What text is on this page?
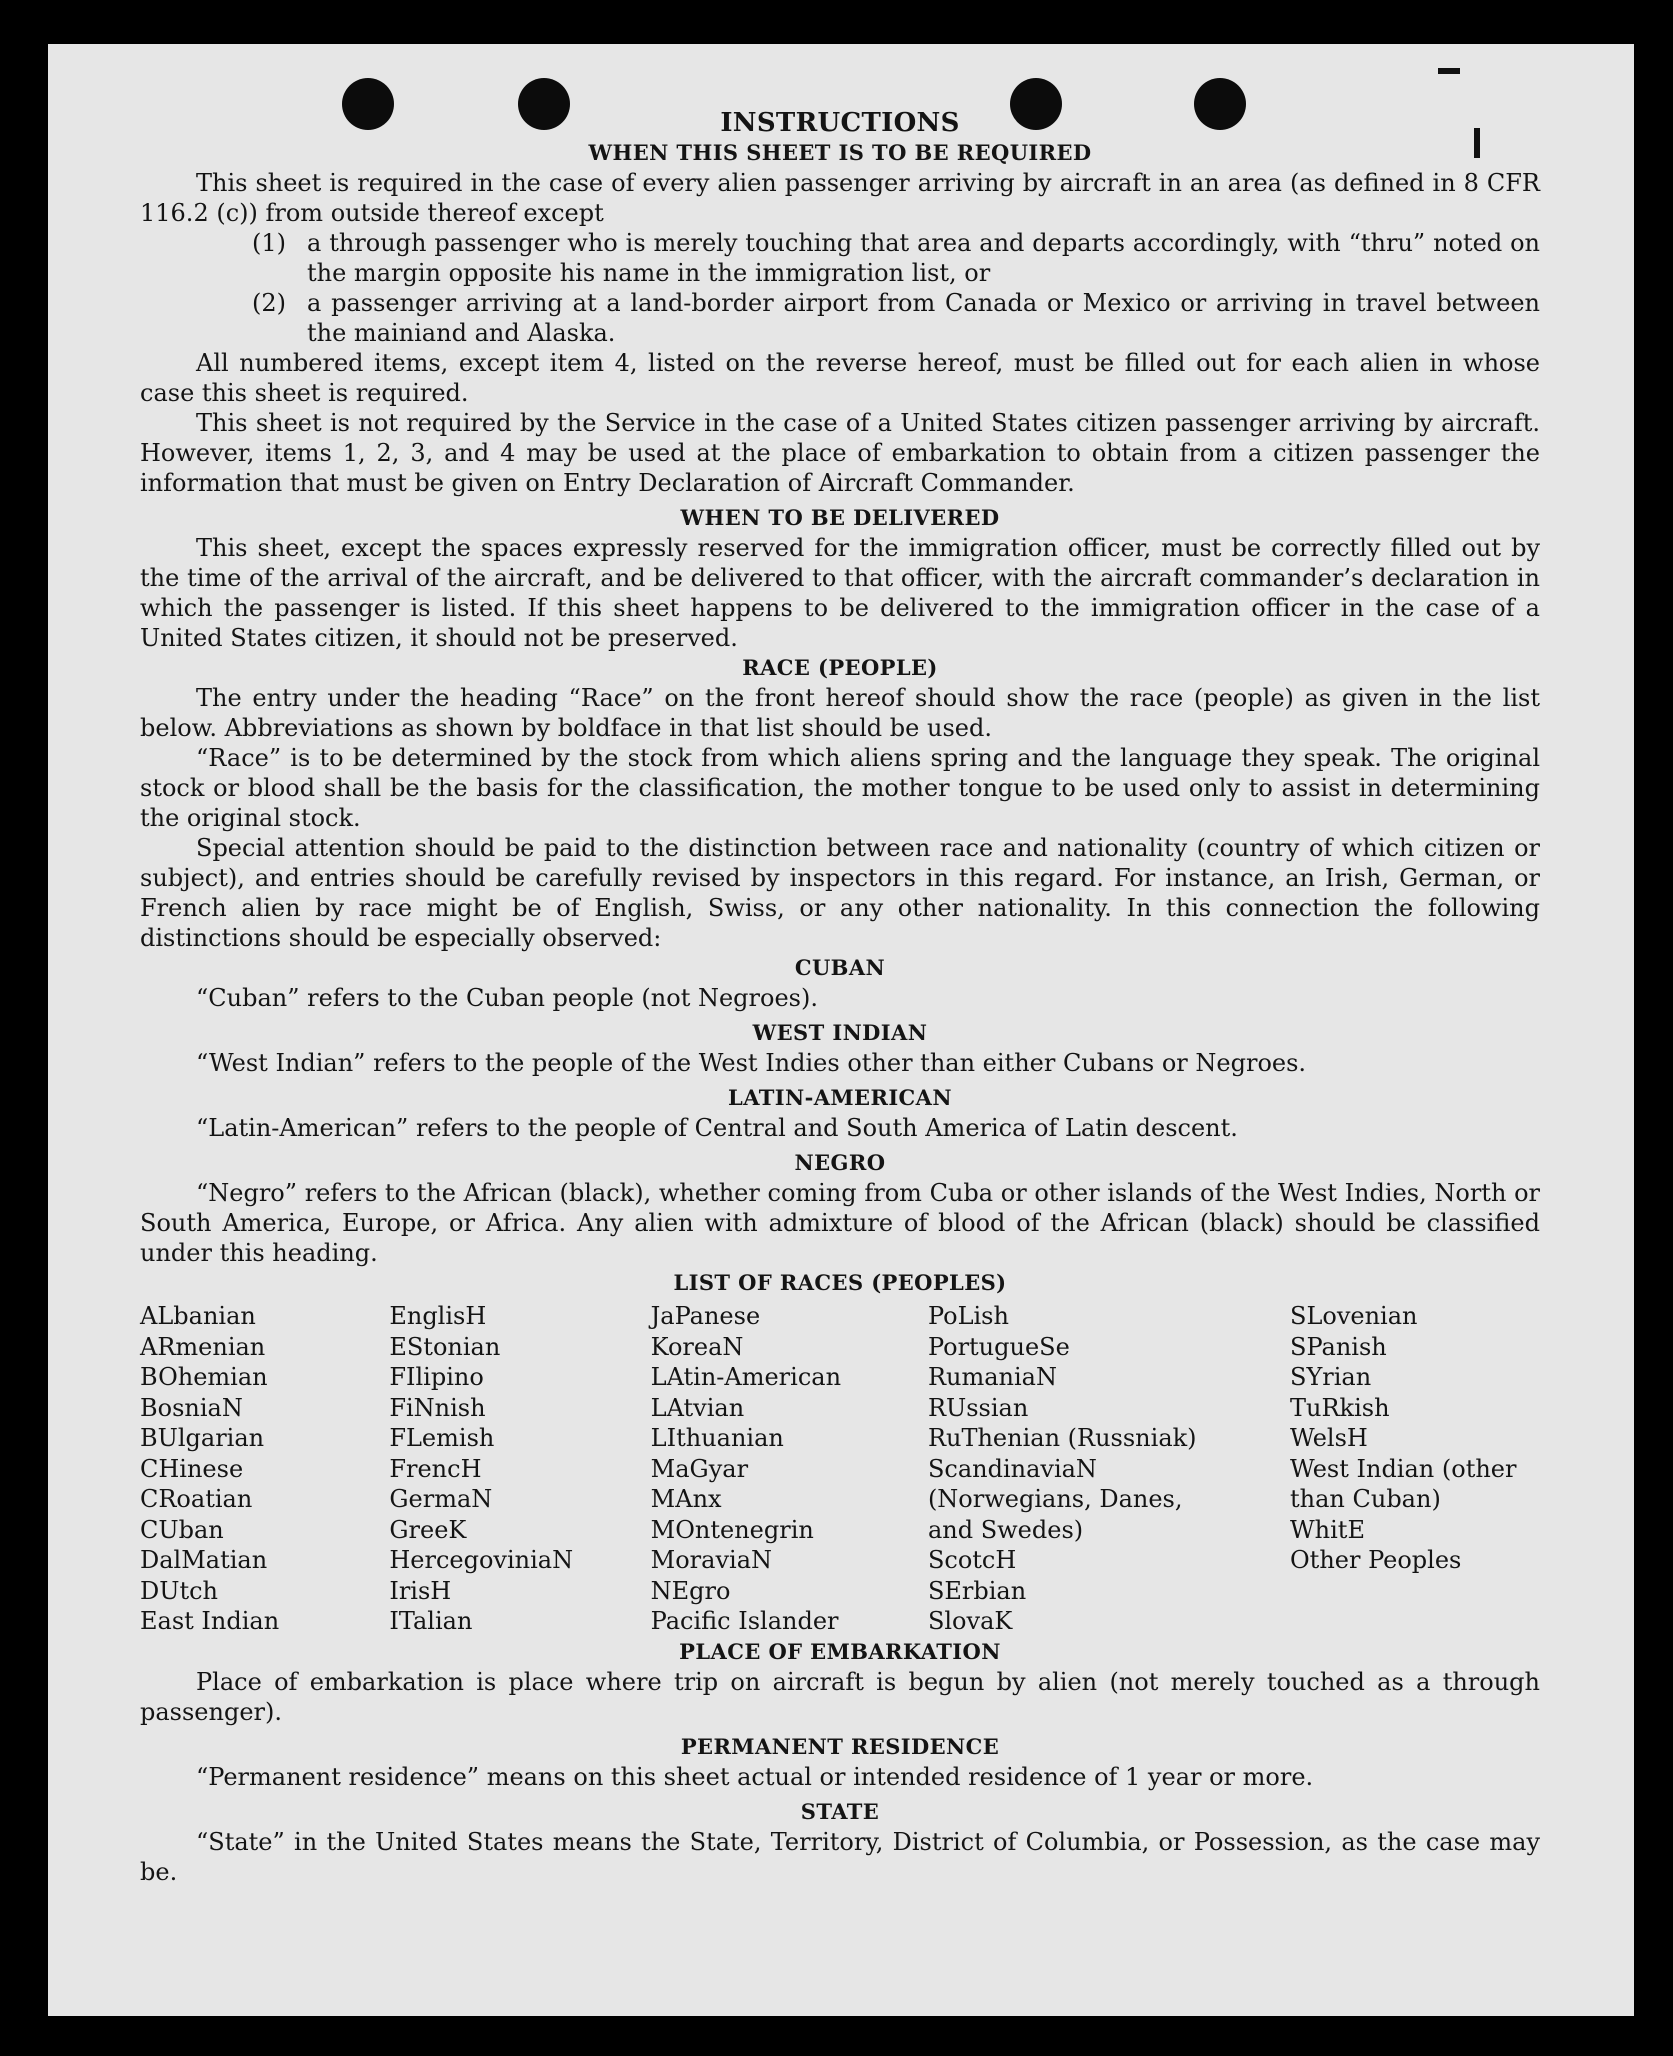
INSTRUCTIONS
WHEN THIS SHEET IS TO BE REQUIRED

This sheet is required in the case of every alien passenger arriving by aircraft in an area (as defined in 8 CFR 116.2 (c)) from outside thereof except

(1) a through passenger who is merely touching that area and departs accordingly, with “thru” noted on the margin opposite his name in the immigration list, or
(2) a passenger arriving at a land-border airport from Canada or Mexico or arriving in travel between the mainiand and Alaska.

All numbered items, except item 4, listed on the reverse hereof, must be filled out for each alien in whose case this sheet is required.

This sheet is not required by the Service in the case of a United States citizen passenger arriving by aircraft. However, items 1, 2, 3, and 4 may be used at the place of embarkation to obtain from a citizen passenger the information that must be given on Entry Declaration of Aircraft Commander.

WHEN TO BE DELIVERED

This sheet, except the spaces expressly reserved for the immigration officer, must be correctly filled out by the time of the arrival of the aircraft, and be delivered to that officer, with the aircraft commander’s declaration in which the passenger is listed. If this sheet happens to be delivered to the immigration officer in the case of a United States citizen, it should not be preserved.

RACE (PEOPLE)

The entry under the heading “Race” on the front hereof should show the race (people) as given in the list below. Abbreviations as shown by boldface in that list should be used.

“Race” is to be determined by the stock from which aliens spring and the language they speak. The original stock or blood shall be the basis for the classification, the mother tongue to be used only to assist in determining the original stock.

Special attention should be paid to the distinction between race and nationality (country of which citizen or subject), and entries should be carefully revised by inspectors in this regard. For instance, an Irish, German, or French alien by race might be of English, Swiss, or any other nationality. In this connection the following distinctions should be especially observed:

CUBAN

“Cuban” refers to the Cuban people (not Negroes).

WEST INDIAN

“West Indian” refers to the people of the West Indies other than either Cubans or Negroes.

LATIN-AMERICAN

“Latin-American” refers to the people of Central and South America of Latin descent.

NEGRO

“Negro” refers to the African (black), whether coming from Cuba or other islands of the West Indies, North or South America, Europe, or Africa. Any alien with admixture of blood of the African (black) should be classified under this heading.

LIST OF RACES (PEOPLES)
ALbanian
ARmenian
BOhemian
BosniaN
BUlgarian
CHinese
CRoatian
CUban
DalMatian
DUtch
East Indian
EnglisH
EStonian
FIlipino
FiNnish
FLemish
FrencH
GermaN
GreeK
HercegoviniaN
IrisH
ITalian
JaPanese
KoreaN
LAtin-American
LAtvian
LIthuanian
MaGyar
MAnx
MOntenegrin
MoraviaN
NEgro
Pacific Islander
PoLish
PortugueSe
RumaniaN
RUssian
RuThenian (Russniak)
ScandinaviaN (Norwegians, Danes, and Swedes)
ScotcH
SErbian
SlovaK
SLovenian
SPanish
SYrian
TuRkish
WelsH
West Indian (other than Cuban)
WhitE
Other Peoples
PLACE OF EMBARKATION

Place of embarkation is place where trip on aircraft is begun by alien (not merely touched as a through passenger).

PERMANENT RESIDENCE

“Permanent residence” means on this sheet actual or intended residence of 1 year or more.

STATE

“State” in the United States means the State, Territory, District of Columbia, or Possession, as the case may be.
